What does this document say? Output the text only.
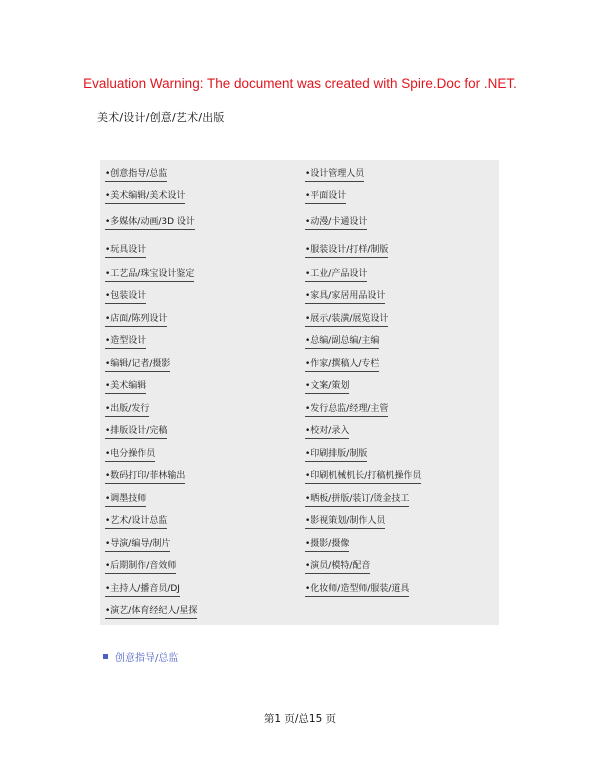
Evaluation Warning: The document was created with Spire.Doc for .NET.
美术/设计/创意/艺术/出版
•创意指导/总监	•设计管理人员
•美术编辑/美术设计	•平面设计
•多媒体/动画/3D 设计	•动漫/卡通设计
•玩具设计	•服装设计/打样/制版
•工艺品/珠宝设计鉴定	•工业/产品设计
•包装设计	•家具/家居用品设计
•店面/陈列设计	•展示/装潢/展览设计
•造型设计	•总编/副总编/主编
•编辑/记者/摄影	•作家/撰稿人/专栏
•美术编辑	•文案/策划
•出版/发行	•发行总监/经理/主管
•排版设计/完稿	•校对/录入
•电分操作员	•印刷排版/制版
•数码打印/菲林输出	•印刷机械机长/打稿机操作员
•调墨技师	•晒板/拼版/装订/烫金技工
•艺术/设计总监	•影视策划/制作人员
•导演/编导/制片	•摄影/摄像
•后期制作/音效师	•演员/模特/配音
•主持人/播音员/DJ	•化妆师/造型师/服装/道具
•演艺/体育经纪人/星探
创意指导/总监
第1 页/总15 页
